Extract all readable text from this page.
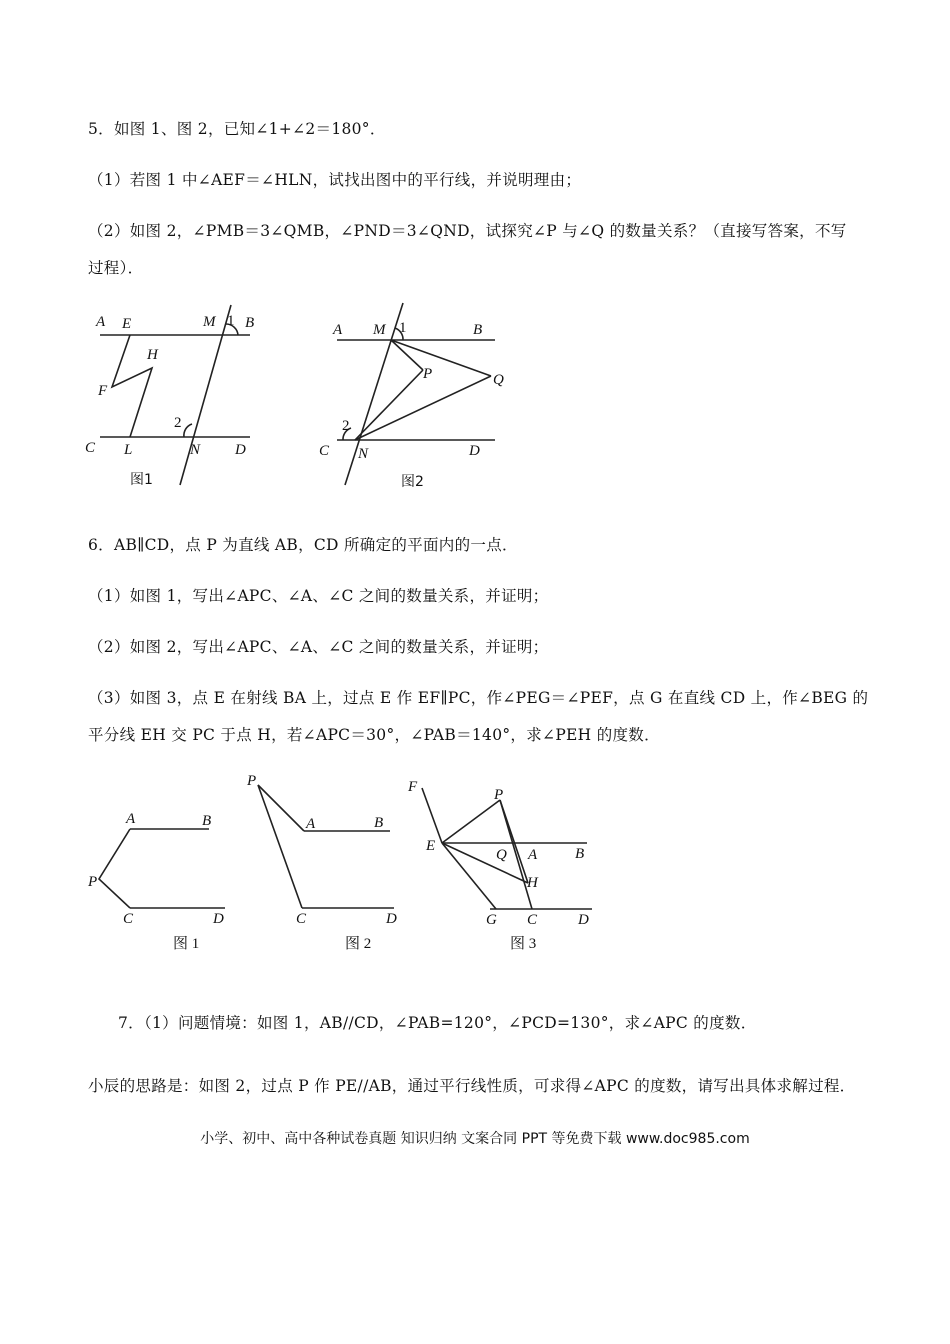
5．如图 1、图 2，已知∠1+∠2＝180°．
（1）若图 1 中∠AEF＝∠HLN，试找出图中的平行线，并说明理由；
（2）如图 2，∠PMB＝3∠QMB，∠PND＝3∠QND，试探究∠P 与∠Q 的数量关系？（直接写答案，不写
过程）．
A E	M 1 B
H
F
2
C L	N D
图1
A M 1	B
P	Q
2
C N	D
图2
6．AB∥CD，点 P 为直线 AB，CD 所确定的平面内的一点．
（1）如图 1，写出∠APC、∠A、∠C 之间的数量关系，并证明；
（2）如图 2，写出∠APC、∠A、∠C 之间的数量关系，并证明；
（3）如图 3，点 E 在射线 BA 上，过点 E 作 EF∥PC，作∠PEG＝∠PEF，点 G 在直线 CD 上，作∠BEG 的
平分线 EH 交 PC 于点 H，若∠APC＝30°，∠PAB＝140°，求∠PEH 的度数．
A	B
P
C	D
图 1
P
A	B
C	D
图 2
F	P
E
Q A	B
H
G C	D
图 3
7．（1）问题情境：如图 1，AB//CD，∠PAB=120°，∠PCD=130°，求∠APC 的度数．
小辰的思路是：如图 2，过点 P 作 PE//AB，通过平行线性质，可求得∠APC 的度数，请写出具体求解过程．
小学、初中、高中各种试卷真题 知识归纳 文案合同 PPT 等免费下载 www.doc985.com
